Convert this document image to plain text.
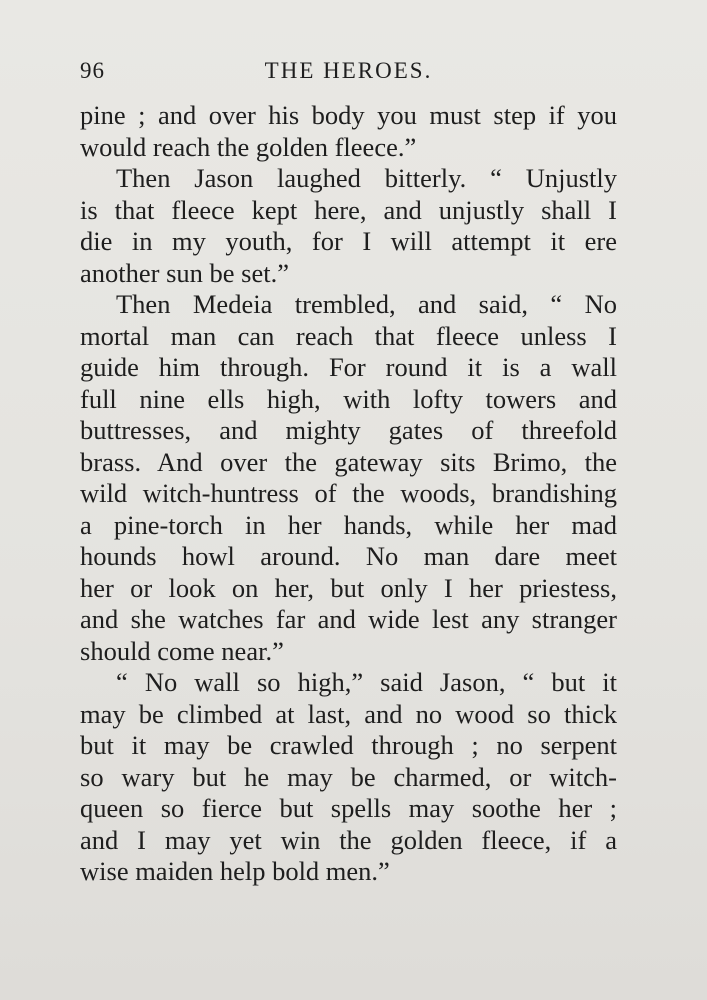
96	THE HEROES.
pine ; and over his body you must step if you
would reach the golden fleece.”
Then Jason laughed bitterly. “ Unjustly
is that fleece kept here, and unjustly shall I
die in my youth, for I will attempt it ere
another sun be set.”
Then Medeia trembled, and said, “ No
mortal man can reach that fleece unless I
guide him through. For round it is a wall
full nine ells high, with lofty towers and
buttresses, and mighty gates of threefold
brass. And over the gateway sits Brimo, the
wild witch-huntress of the woods, brandishing
a pine-torch in her hands, while her mad
hounds howl around. No man dare meet
her or look on her, but only I her priestess,
and she watches far and wide lest any stranger
should come near.”
“ No wall so high,” said Jason, “ but it
may be climbed at last, and no wood so thick
but it may be crawled through ; no serpent
so wary but he may be charmed, or witch-
queen so fierce but spells may soothe her ;
and I may yet win the golden fleece, if a
wise maiden help bold men.”
